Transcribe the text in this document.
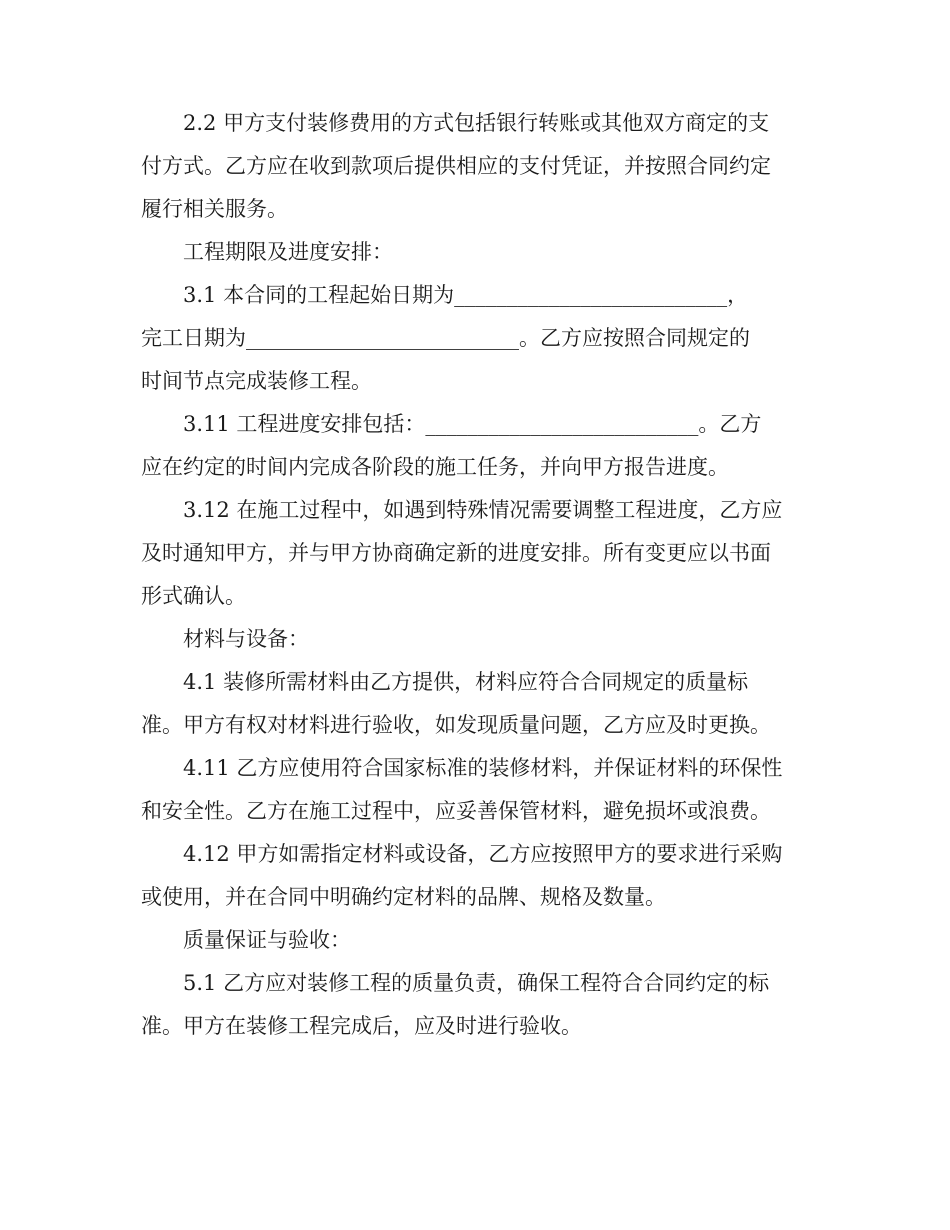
2.2 甲方支付装修费用的方式包括银行转账或其他双方商定的支
付方式。乙方应在收到款项后提供相应的支付凭证，并按照合同约定
履行相关服务。
工程期限及进度安排：
3.1 本合同的工程起始日期为__________________________，
完工日期为__________________________。乙方应按照合同规定的
时间节点完成装修工程。
3.11 工程进度安排包括：__________________________。乙方
应在约定的时间内完成各阶段的施工任务，并向甲方报告进度。
3.12 在施工过程中，如遇到特殊情况需要调整工程进度，乙方应
及时通知甲方，并与甲方协商确定新的进度安排。所有变更应以书面
形式确认。
材料与设备：
4.1 装修所需材料由乙方提供，材料应符合合同规定的质量标
准。甲方有权对材料进行验收，如发现质量问题，乙方应及时更换。
4.11 乙方应使用符合国家标准的装修材料，并保证材料的环保性
和安全性。乙方在施工过程中，应妥善保管材料，避免损坏或浪费。
4.12 甲方如需指定材料或设备，乙方应按照甲方的要求进行采购
或使用，并在合同中明确约定材料的品牌、规格及数量。
质量保证与验收：
5.1 乙方应对装修工程的质量负责，确保工程符合合同约定的标
准。甲方在装修工程完成后，应及时进行验收。
